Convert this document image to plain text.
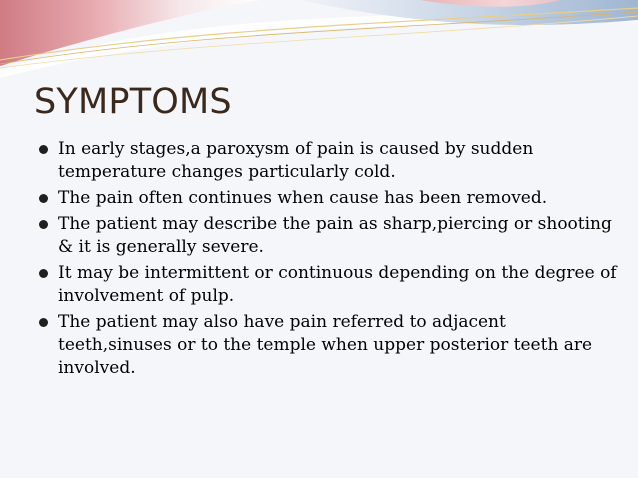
SYMPTOMS
In early stages,a paroxysm of pain is caused by sudden temperature changes particularly cold.
The pain often continues when cause has been removed.
The patient may describe the pain as sharp,piercing or shooting & it is generally severe.
It may be intermittent or continuous depending on the degree of involvement of pulp.
The patient may also have pain referred to adjacent teeth,sinuses or to the temple when upper posterior teeth are involved.
